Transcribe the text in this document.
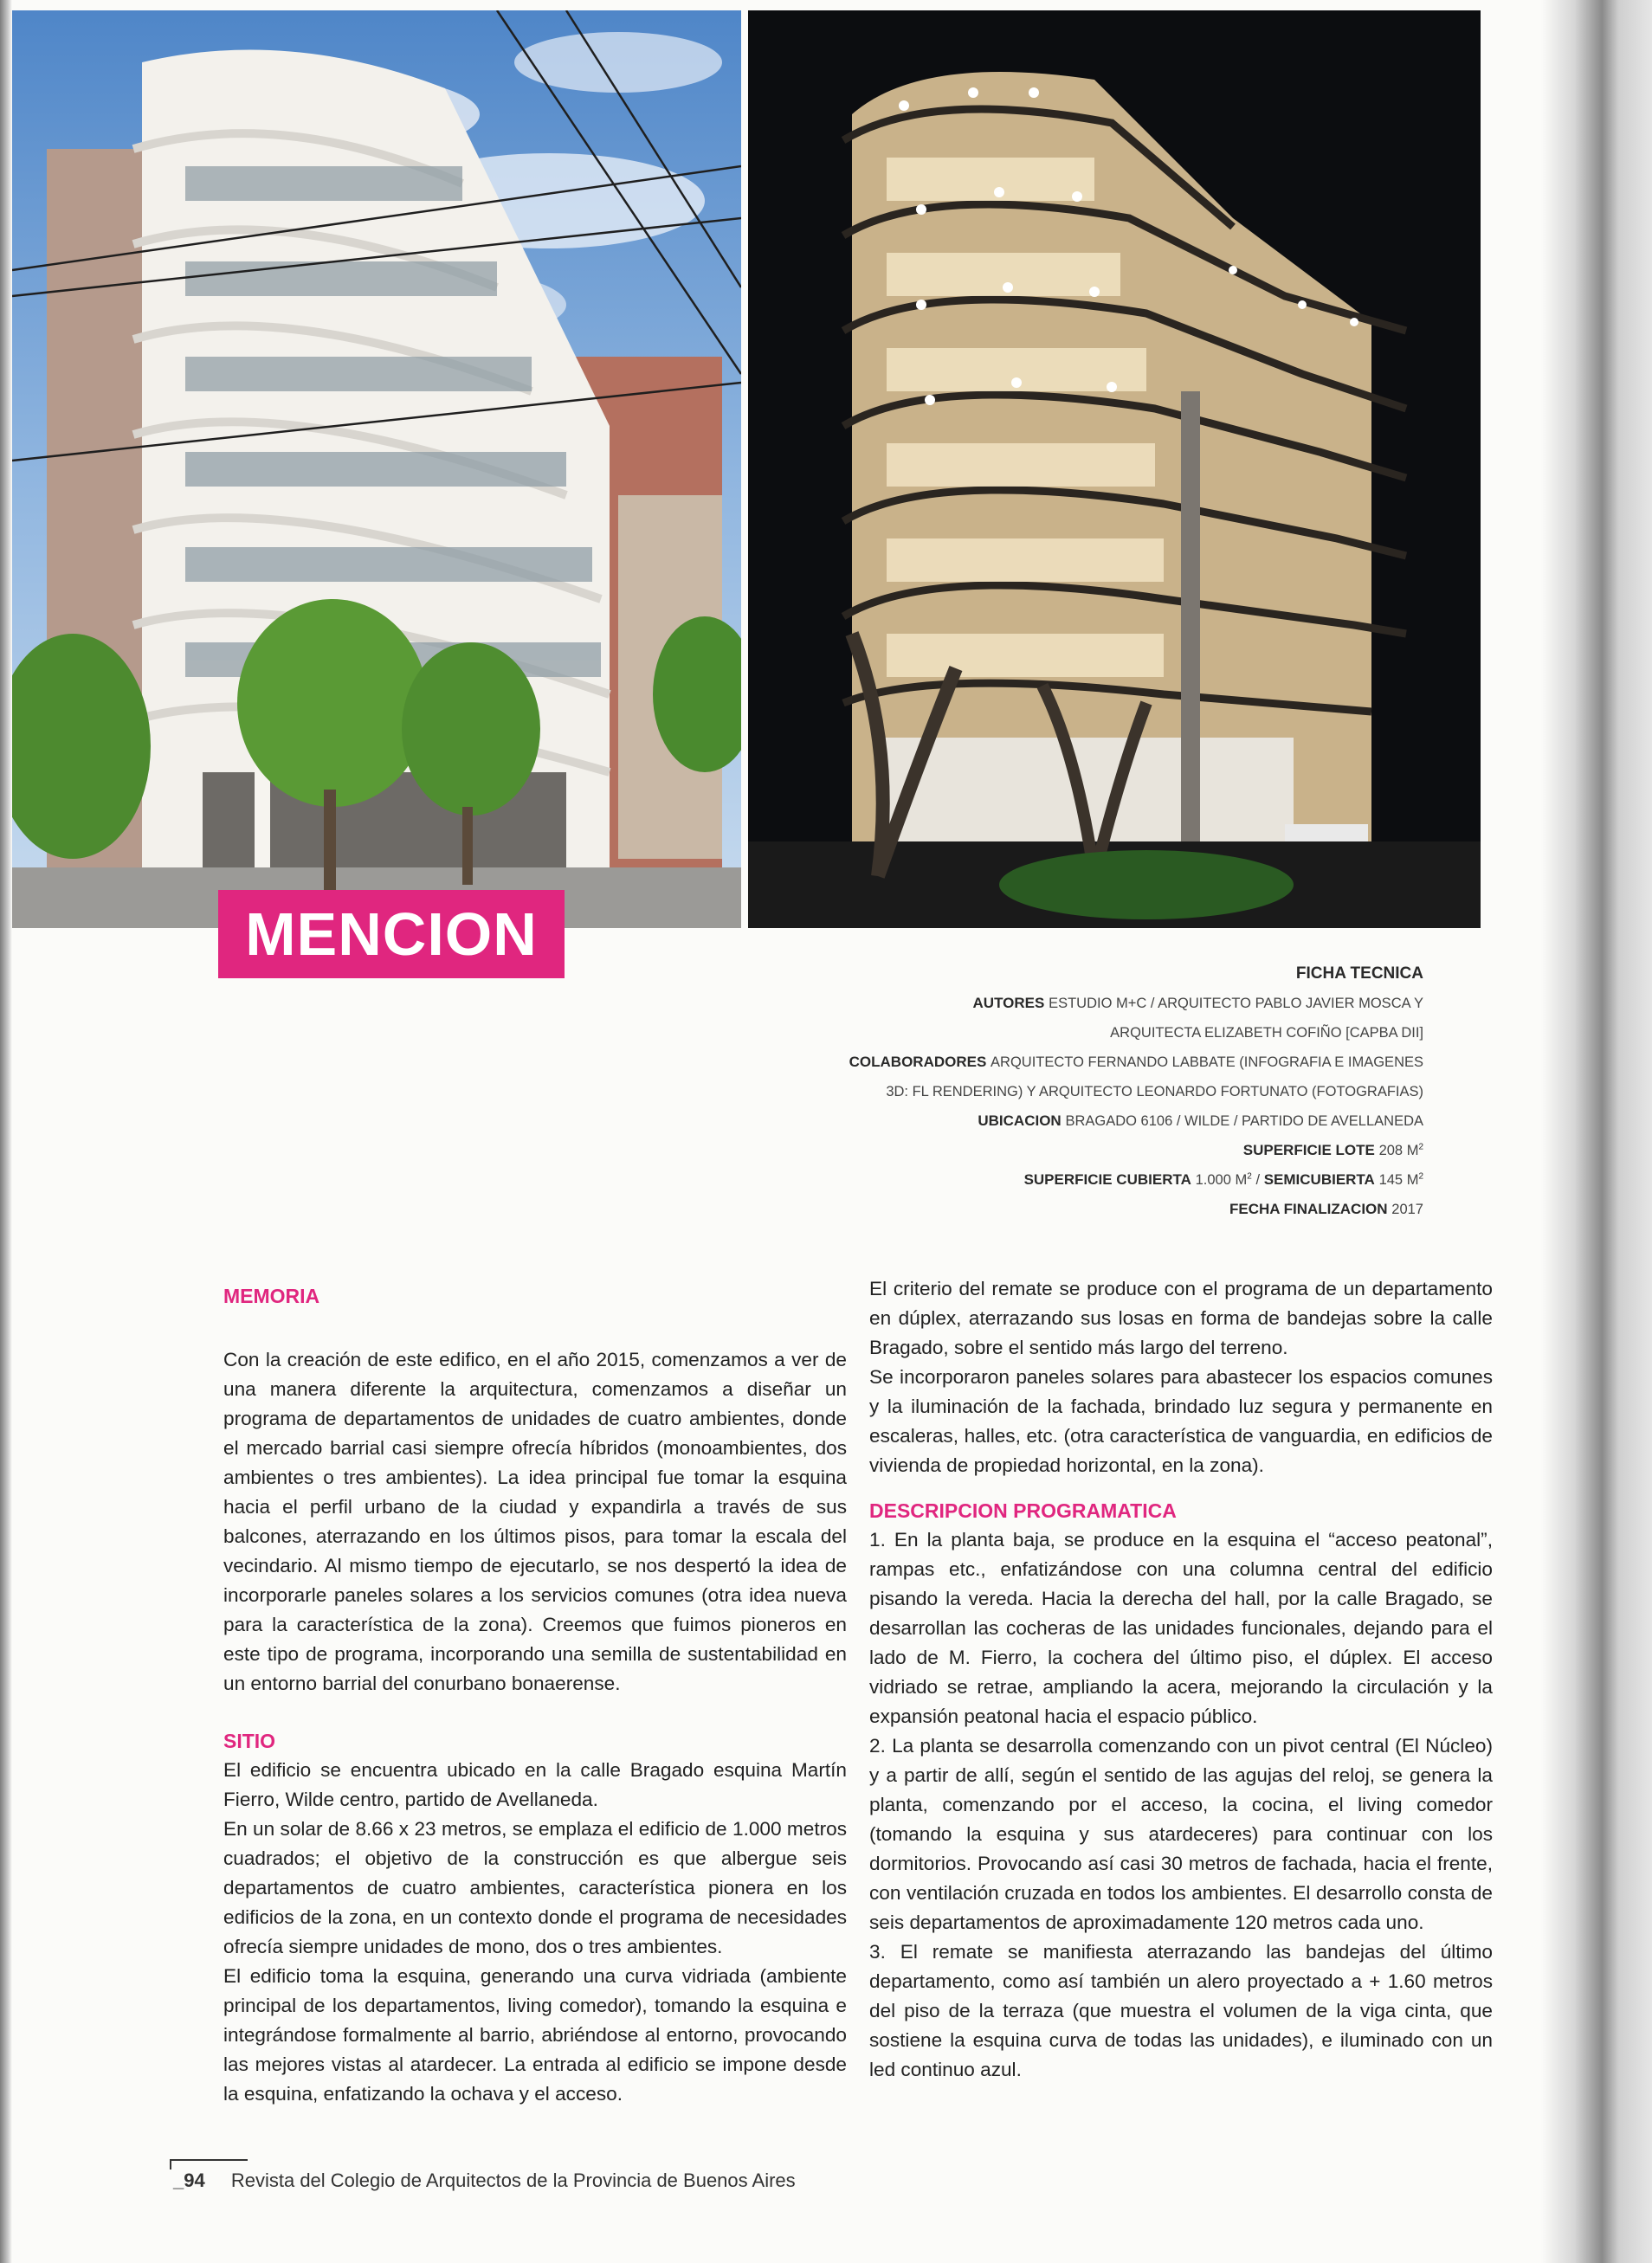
MENCION
FICHA TECNICA
AUTORES ESTUDIO M+C / ARQUITECTO PABLO JAVIER MOSCA Y
ARQUITECTA ELIZABETH COFIÑO [CAPBA DII]
COLABORADORES ARQUITECTO FERNANDO LABBATE (INFOGRAFIA E IMAGENES
3D: FL RENDERING) Y ARQUITECTO LEONARDO FORTUNATO (FOTOGRAFIAS)
UBICACION BRAGADO 6106 / WILDE / PARTIDO DE AVELLANEDA
SUPERFICIE LOTE 208 $M^2$
SUPERFICIE CUBIERTA 1.000 $M^2$ / SEMICUBIERTA 145 $M^2$
FECHA FINALIZACION 2017
MEMORIA

Con la creación de este edifico, en el año 2015, comenzamos a ver de una manera diferente la arquitectura, comenzamos a diseñar un programa de departamentos de unidades de cuatro ambientes, donde el mercado barrial casi siempre ofrecía híbridos (monoambientes, dos ambientes o tres ambientes). La idea principal fue tomar la esquina hacia el perfil urbano de la ciudad y expandirla a través de sus balcones, aterrazando en los últimos pisos, para tomar la escala del vecindario. Al mismo tiempo de ejecutarlo, se nos despertó la idea de incorporarle paneles solares a los servicios comunes (otra idea nueva para la característica de la zona). Creemos que fuimos pioneros en este tipo de programa, incorporando una semilla de sustentabilidad en un entorno barrial del conurbano bonaerense.

SITIO

El edificio se encuentra ubicado en la calle Bragado esquina Martín Fierro, Wilde centro, partido de Avellaneda.

En un solar de 8.66 x 23 metros, se emplaza el edificio de 1.000 metros cuadrados; el objetivo de la construcción es que albergue seis departamentos de cuatro ambientes, característica pionera en los edificios de la zona, en un contexto donde el programa de necesidades ofrecía siempre unidades de mono, dos o tres ambientes.

El edificio toma la esquina, generando una curva vidriada (ambiente principal de los departamentos, living comedor), tomando la esquina e integrándose formalmente al barrio, abriéndose al entorno, provocando las mejores vistas al atardecer. La entrada al edificio se impone desde la esquina, enfatizando la ochava y el acceso.

El criterio del remate se produce con el programa de un departamento en dúplex, aterrazando sus losas en forma de bandejas sobre la calle Bragado, sobre el sentido más largo del terreno.

Se incorporaron paneles solares para abastecer los espacios comunes y la iluminación de la fachada, brindado luz segura y permanente en escaleras, halles, etc. (otra característica de vanguardia, en edificios de vivienda de propiedad horizontal, en la zona).

DESCRIPCION PROGRAMATICA

1. En la planta baja, se produce en la esquina el “acceso peatonal”, rampas etc., enfatizándose con una columna central del edificio pisando la vereda. Hacia la derecha del hall, por la calle Bragado, se desarrollan las cocheras de las unidades funcionales, dejando para el lado de M. Fierro, la cochera del último piso, el dúplex. El acceso vidriado se retrae, ampliando la acera, mejorando la circulación y la expansión peatonal hacia el espacio público.

2. La planta se desarrolla comenzando con un pivot central (El Núcleo) y a partir de allí, según el sentido de las agujas del reloj, se genera la planta, comenzando por el acceso, la cocina, el living comedor (tomando la esquina y sus atardeceres) para continuar con los dormitorios. Provocando así casi 30 metros de fachada, hacia el frente, con ventilación cruzada en todos los ambientes. El desarrollo consta de seis departamentos de aproximadamente 120 metros cada uno.

3. El remate se manifiesta aterrazando las bandejas del último departamento, como así también un alero proyectado a + 1.60 metros del piso de la terraza (que muestra el volumen de la viga cinta, que sostiene la esquina curva de todas las unidades), e iluminado con un led continuo azul.

_94 Revista del Colegio de Arquitectos de la Provincia de Buenos Aires
